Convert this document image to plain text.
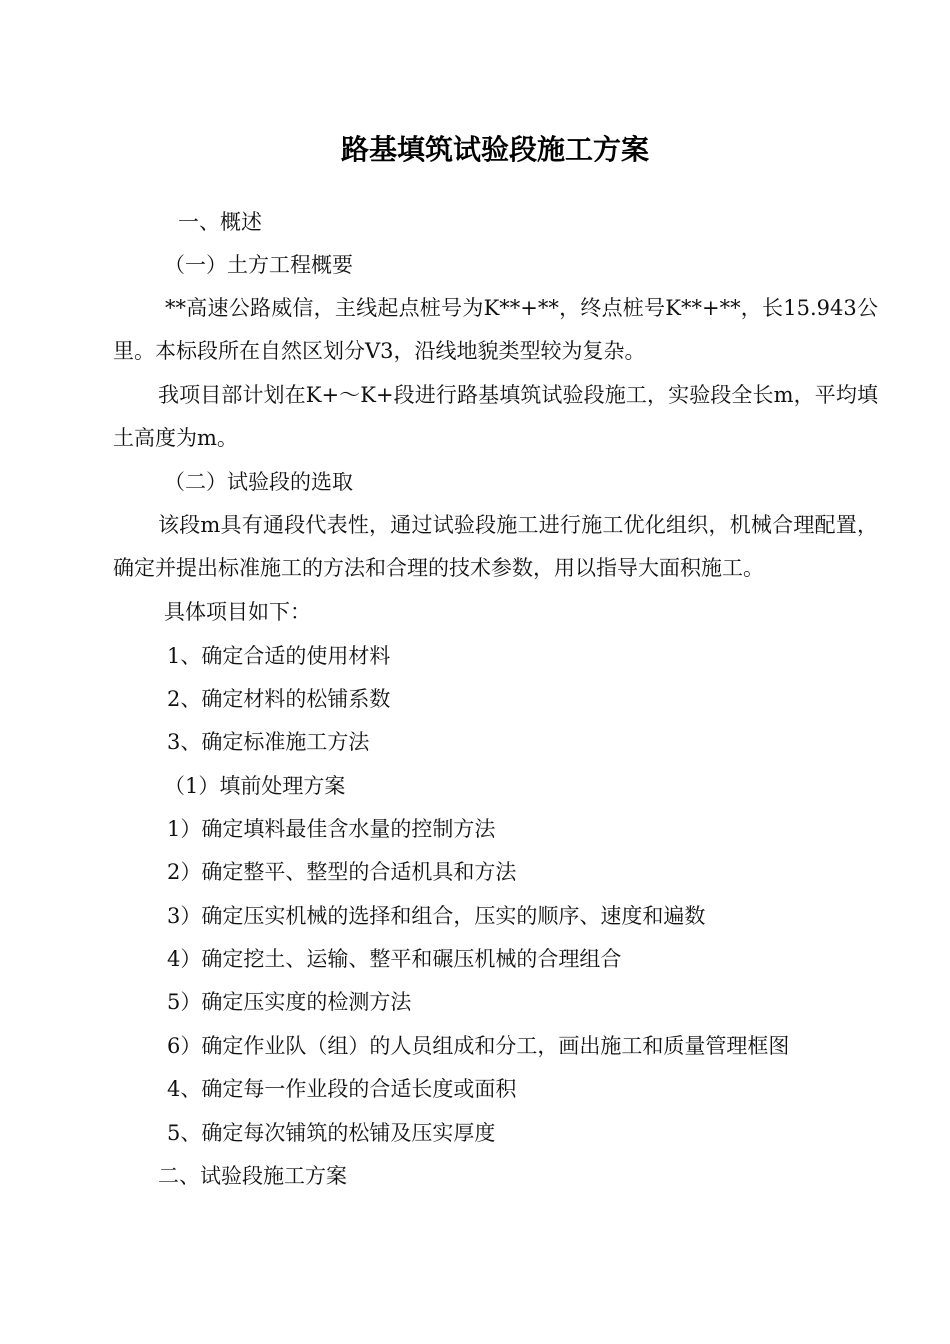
路基填筑试验段施工方案
一、概述
（一）土方工程概要
**高速公路威信，主线起点桩号为K**+**，终点桩号K**+**，长15.943公里。本标段所在自然区划分V3，沿线地貌类型较为复杂。
我项目部计划在K+～K+段进行路基填筑试验段施工，实验段全长m，平均填土高度为m。
（二）试验段的选取
该段m具有通段代表性，通过试验段施工进行施工优化组织，机械合理配置，确定并提出标准施工的方法和合理的技术参数，用以指导大面积施工。
具体项目如下：
1、确定合适的使用材料
2、确定材料的松铺系数
3、确定标准施工方法
（1）填前处理方案
1）确定填料最佳含水量的控制方法
2）确定整平、整型的合适机具和方法
3）确定压实机械的选择和组合，压实的顺序、速度和遍数
4）确定挖土、运输、整平和碾压机械的合理组合
5）确定压实度的检测方法
6）确定作业队（组）的人员组成和分工，画出施工和质量管理框图
4、确定每一作业段的合适长度或面积
5、确定每次铺筑的松铺及压实厚度
二、试验段施工方案
